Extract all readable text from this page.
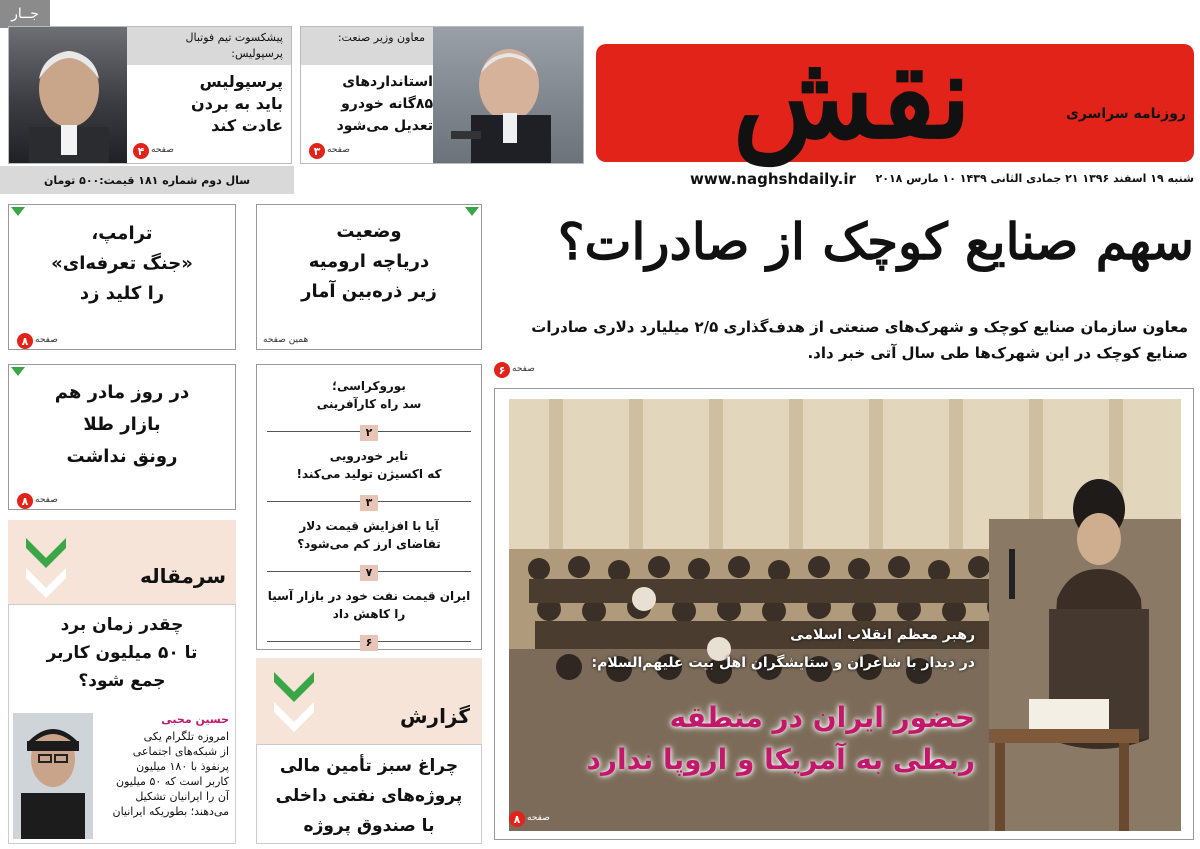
جــار
پیشکسوت تیم فوتبال پرسپولیس:
پرسپولیس
باید به بردن
عادت کند
صفحه
۴
معاون وزیر صنعت:
استانداردهای
۸۵گانه خودرو
تعدیل می‌شود
صفحه
۳	نقش	روزنامه سراسری
سال دوم شماره ۱۸۱ قیمت:۵۰۰ تومان	www.naghshdaily.ir شنبه ۱۹ اسفند ۱۳۹۶ ۲۱ جمادی الثانی ۱۴۳۹ ۱۰ مارس ۲۰۱۸
سهم صنایع کوچک از صادرات؟
معاون سازمان صنایع کوچک و شهرک‌های صنعتی از هدف‌گذاری ۲/۵ میلیارد دلاری صادرات صنایع کوچک در این شهرک‌ها طی سال آتی خبر داد.
صفحه
۶
رهبر معظم انقلاب اسلامی
در دیدار با شاعران و ستایشگران اهل بیت علیهم‌السلام:
حضور ایران در منطقه
ربطی به آمریکا و اروپا ندارد
صفحه
۸
وضعیت
دریاچه ارومیه
زیر ذره‌بین آمار
همین صفحه
بوروکراسی؛
سد راه کارآفرینی
۲
تایر خودرویی
که اکسیژن تولید می‌کند!
۳
آیا با افزایش قیمت دلار
تقاضای ارز کم می‌شود؟
۷
ایران قیمت نفت خود در بازار آسیا
را کاهش داد
۶
گزارش
چراغ سبز تأمین مالی
پروژه‌های نفتی داخلی
با صندوق پروژه
ترامپ،
«جنگ تعرفه‌ای»
را کلید زد
صفحه
۸
در روز مادر هم
بازار طلا
رونق نداشت
صفحه
۸
سرمقاله
چقدر زمان برد
تا ۵۰ میلیون کاربر
جمع شود؟
حسین محبی
امروزه تلگرام یکی
از شبکه‌های اجتماعی
پرنفوذ با ۱۸۰ میلیون
کاربر است که ۵۰ میلیون
آن را ایرانیان تشکیل
می‌دهند؛ بطوریکه ایرانیان
